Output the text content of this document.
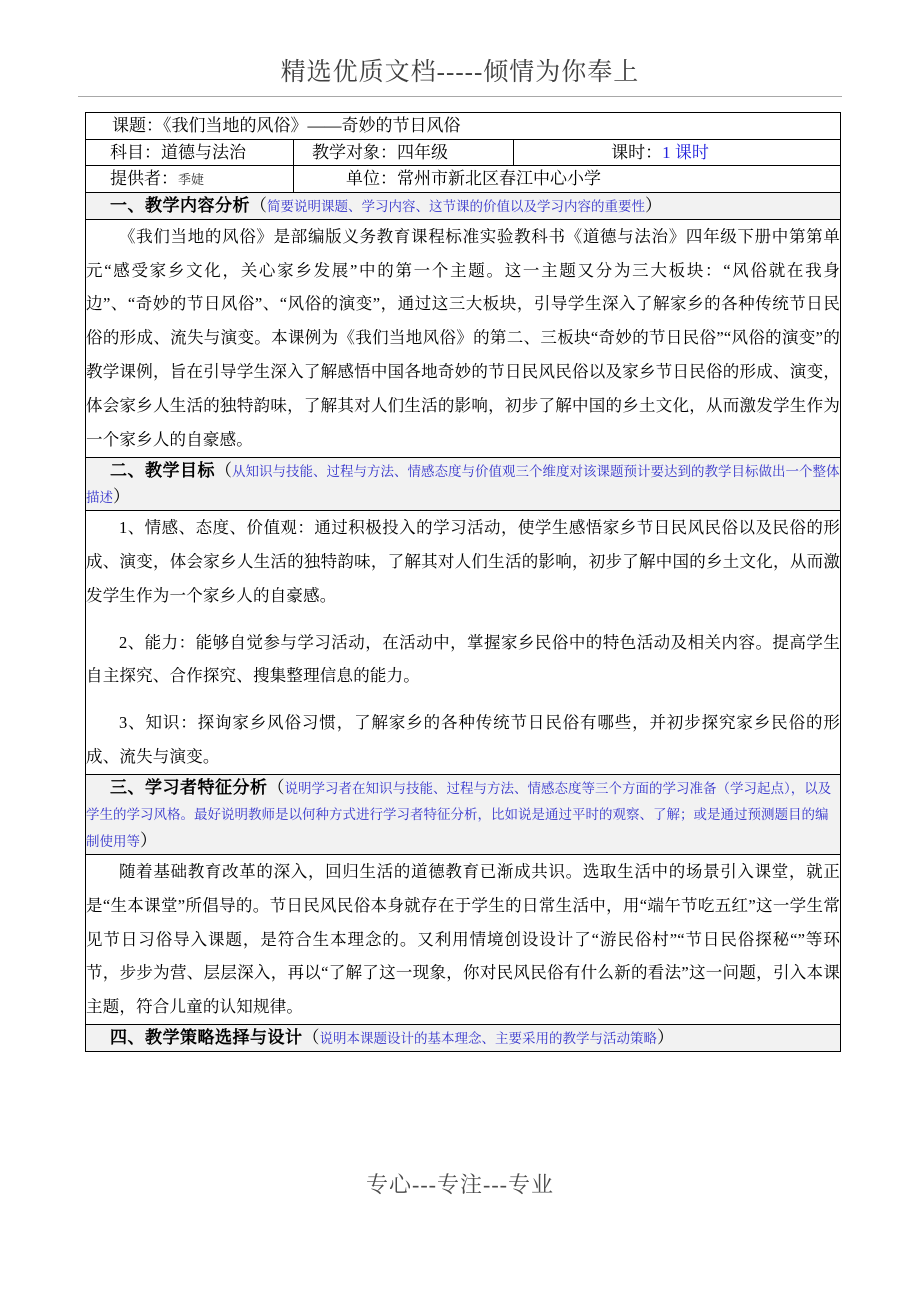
精选优质文档-----倾情为你奉上
课题：《我们当地的风俗》——奇妙的节日风俗		
科目：道德与法治	教学对象：四年级	课时：1 课时
提供者：季婕	单位：常州市新北区春江中心小学	

一、教学内容分析（简要说明课题、学习内容、这节课的价值以及学习内容的重要性）		

《我们当地的风俗》是部编版义务教育课程标准实验教科书《道德与法治》四年级下册中第第单元“感受家乡文化，关心家乡发展”中的第一个主题。这一主题又分为三大板块：“风俗就在我身边”、“奇妙的节日风俗”、“风俗的演变”，通过这三大板块，引导学生深入了解家乡的各种传统节日民俗的形成、流失与演变。本课例为《我们当地风俗》的第二、三板块“奇妙的节日民俗”“风俗的演变”的教学课例，旨在引导学生深入了解感悟中国各地奇妙的节日民风民俗以及家乡节日民俗的形成、演变，体会家乡人生活的独特韵味，了解其对人们生活的影响，初步了解中国的乡土文化，从而激发学生作为一个家乡人的自豪感。		

二、教学目标（从知识与技能、过程与方法、情感态度与价值观三个维度对该课题预计要达到的教学目标做出一个整体描述）		

1、情感、态度、价值观：通过积极投入的学习活动，使学生感悟家乡节日民风民俗以及民俗的形成、演变，体会家乡人生活的独特韵味，了解其对人们生活的影响，初步了解中国的乡土文化，从而激发学生作为一个家乡人的自豪感。

2、能力：能够自觉参与学习活动，在活动中，掌握家乡民俗中的特色活动及相关内容。提高学生自主探究、合作探究、搜集整理信息的能力。

3、知识：探询家乡风俗习惯，了解家乡的各种传统节日民俗有哪些，并初步探究家乡民俗的形成、流失与演变。		

三、学习者特征分析（说明学习者在知识与技能、过程与方法、情感态度等三个方面的学习准备（学习起点），以及学生的学习风格。最好说明教师是以何种方式进行学习者特征分析，比如说是通过平时的观察、了解；或是通过预测题目的编制使用等）		

随着基础教育改革的深入，回归生活的道德教育已渐成共识。选取生活中的场景引入课堂，就正是“生本课堂”所倡导的。节日民风民俗本身就存在于学生的日常生活中，用“端午节吃五红”这一学生常见节日习俗导入课题，是符合生本理念的。又利用情境创设设计了“游民俗村”“节日民俗探秘“”等环节，步步为营、层层深入，再以“了解了这一现象，你对民风民俗有什么新的看法”这一问题，引入本课主题，符合儿童的认知规律。		

四、教学策略选择与设计（说明本课题设计的基本理念、主要采用的教学与活动策略）		
专心---专注---专业
